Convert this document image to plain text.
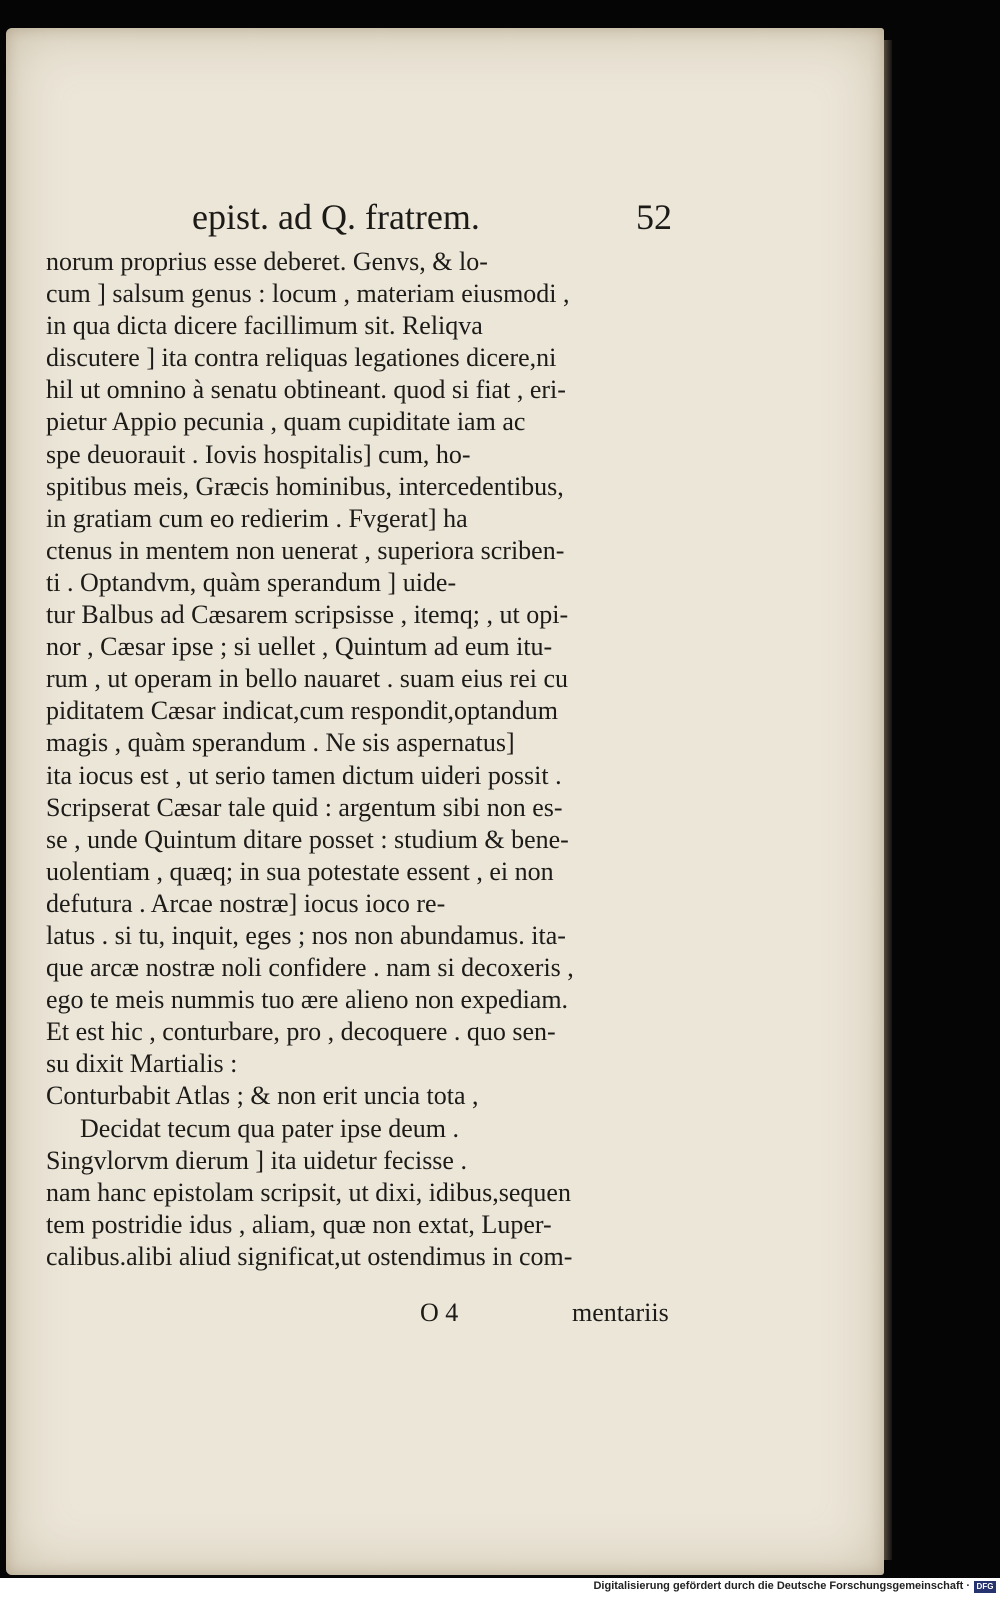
epist. ad Q. fratrem.	52
norum proprius esse deberet. Genvs, & lo-
cum ] salsum genus : locum , materiam eiusmodi ,
in qua dicta dicere facillimum sit. Reliqva
discutere ] ita contra reliquas legationes dicere,ni
hil ut omnino à senatu obtineant. quod si fiat , eri-
pietur Appio pecunia , quam cupiditate iam ac
spe deuorauit . Iovis hospitalis] cum, ho-
spitibus meis, Græcis hominibus, intercedentibus,
in gratiam cum eo redierim . Fvgerat] ha
ctenus in mentem non uenerat , superiora scriben-
ti . Optandvm, quàm sperandum ] uide-
tur Balbus ad Cæsarem scripsisse , itemq; , ut opi-
nor , Cæsar ipse ; si uellet , Quintum ad eum itu-
rum , ut operam in bello nauaret . suam eius rei cu
piditatem Cæsar indicat,cum respondit,optandum
magis , quàm sperandum . Ne sis aspernatus]
ita iocus est , ut serio tamen dictum uideri possit .
Scripserat Cæsar tale quid : argentum sibi non es-
se , unde Quintum ditare posset : studium & bene-
uolentiam , quæq; in sua potestate essent , ei non
defutura . Arcae nostræ] iocus ioco re-
latus . si tu, inquit, eges ; nos non abundamus. ita-
que arcæ nostræ noli confidere . nam si decoxeris ,
ego te meis nummis tuo ære alieno non expediam.
Et est hic , conturbare, pro , decoquere . quo sen-
su dixit Martialis :
Conturbabit Atlas ; & non erit uncia tota ,
Decidat tecum qua pater ipse deum .
Singvlorvm dierum ] ita uidetur fecisse .
nam hanc epistolam scripsit, ut dixi, idibus,sequen
tem postridie idus , aliam, quæ non extat, Luper-
calibus.alibi aliud significat,ut ostendimus in com-
O 4	mentariis
Digitalisierung gefördert durch die Deutsche Forschungsgemeinschaft · DFG
